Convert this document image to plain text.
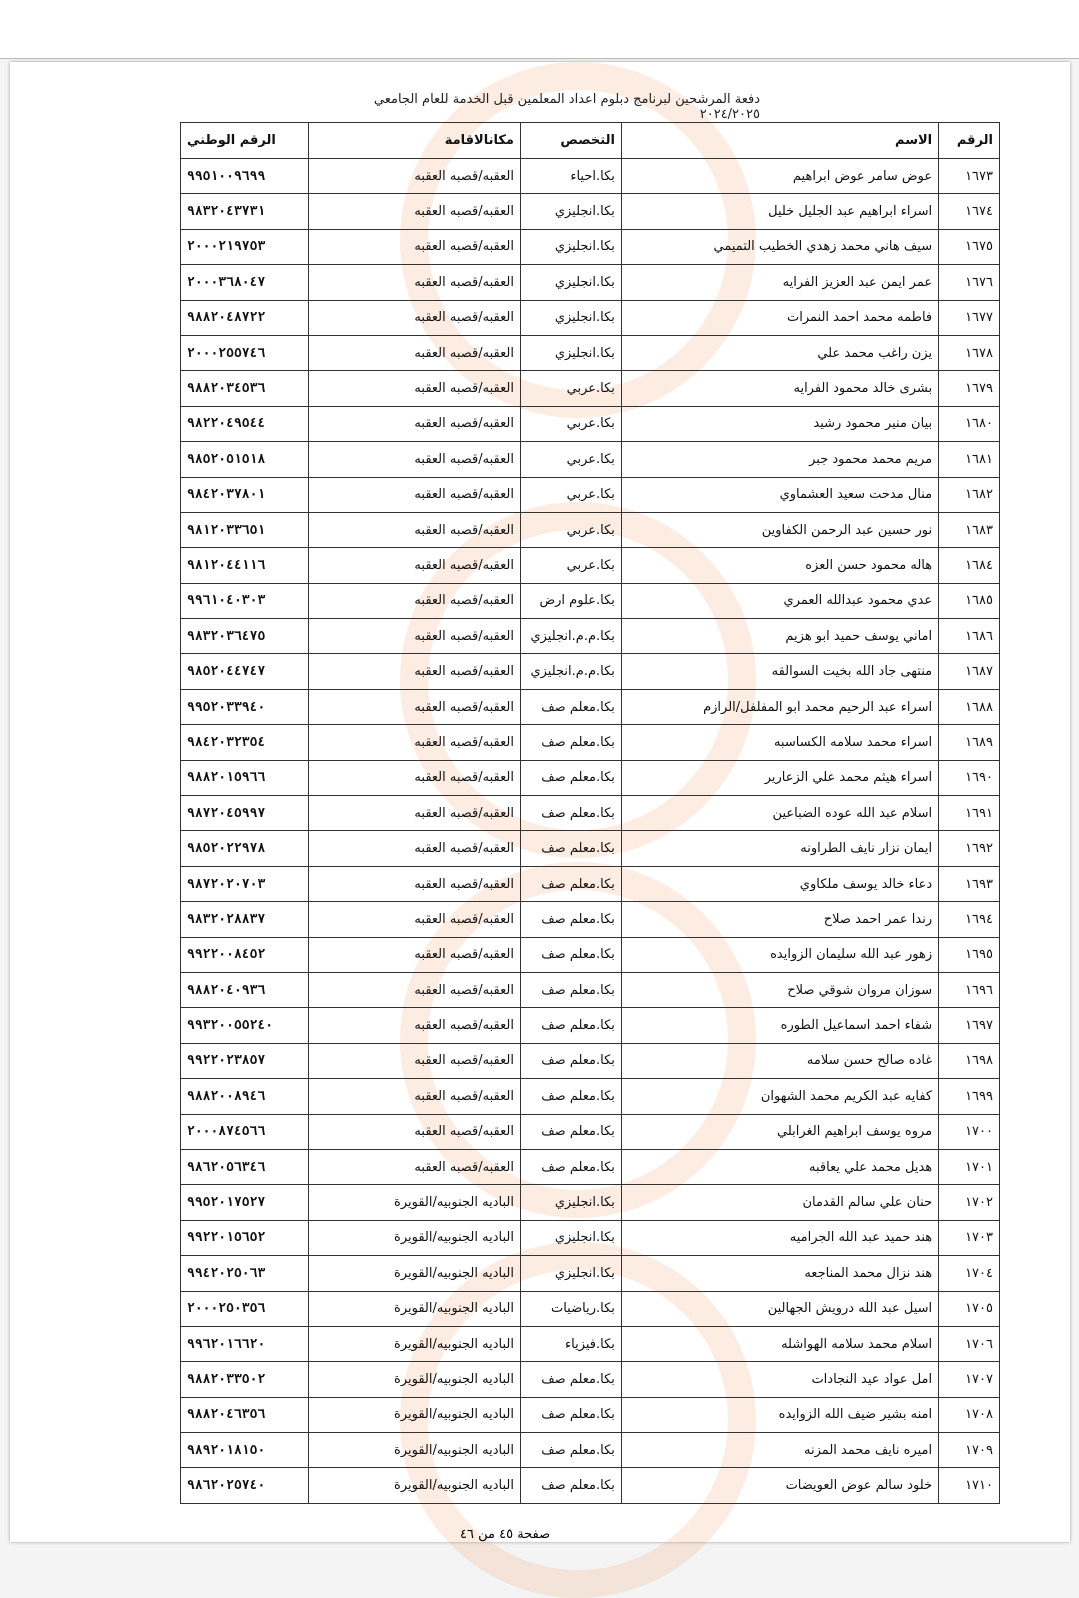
دفعة المرشحين لبرنامج دبلوم اعداد المعلمين قبل الخدمة للعام الجامعي ٢٠٢٤/٢٠٢٥
الرقم	الاسم	التخصص	مكانالاقامة	الرقم الوطني
١٦٧٣	عوض سامر عوض ابراهيم	بكا.احياء	العقبه/قصبه العقبه	٩٩٥١٠٠٩٦٩٩
١٦٧٤	اسراء ابراهيم عبد الجليل خليل	بكا.انجليزي	العقبه/قصبه العقبه	٩٨٣٢٠٤٣٧٣١
١٦٧٥	سيف هاني محمد زهدي الخطيب التميمي	بكا.انجليزي	العقبه/قصبه العقبه	٢٠٠٠٢١٩٧٥٣
١٦٧٦	عمر ايمن عبد العزيز الفرايه	بكا.انجليزي	العقبه/قصبه العقبه	٢٠٠٠٣٦٨٠٤٧
١٦٧٧	فاطمه محمد احمد النمرات	بكا.انجليزي	العقبه/قصبه العقبه	٩٨٨٢٠٤٨٧٢٢
١٦٧٨	يزن راغب محمد علي	بكا.انجليزي	العقبه/قصبه العقبه	٢٠٠٠٢٥٥٧٤٦
١٦٧٩	بشرى خالد محمود الفرايه	بكا.عربي	العقبه/قصبه العقبه	٩٨٨٢٠٣٤٥٣٦
١٦٨٠	بيان منير محمود رشيد	بكا.عربي	العقبه/قصبه العقبه	٩٨٢٢٠٤٩٥٤٤
١٦٨١	مريم محمد محمود جبر	بكا.عربي	العقبه/قصبه العقبه	٩٨٥٢٠٥١٥١٨
١٦٨٢	منال مدحت سعيد العشماوي	بكا.عربي	العقبه/قصبه العقبه	٩٨٤٢٠٣٧٨٠١
١٦٨٣	نور حسين عبد الرحمن الكفاوين	بكا.عربي	العقبه/قصبه العقبه	٩٨١٢٠٣٣٦٥١
١٦٨٤	هاله محمود حسن العزه	بكا.عربي	العقبه/قصبه العقبه	٩٨١٢٠٤٤١١٦
١٦٨٥	عدي محمود عبدالله العمري	بكا.علوم ارض	العقبه/قصبه العقبه	٩٩٦١٠٤٠٣٠٣
١٦٨٦	اماني يوسف حميد ابو هزيم	بكا.م.م.انجليزي	العقبه/قصبه العقبه	٩٨٣٢٠٣٦٤٧٥
١٦٨٧	منتهى جاد الله بخيت السوالقه	بكا.م.م.انجليزي	العقبه/قصبه العقبه	٩٨٥٢٠٤٤٧٤٧
١٦٨٨	اسراء عبد الرحيم محمد ابو المفلفل/الرازم	بكا.معلم صف	العقبه/قصبه العقبه	٩٩٥٢٠٣٣٩٤٠
١٦٨٩	اسراء محمد سلامه الكساسبه	بكا.معلم صف	العقبه/قصبه العقبه	٩٨٤٢٠٣٢٣٥٤
١٦٩٠	اسراء هيثم محمد علي الزعارير	بكا.معلم صف	العقبه/قصبه العقبه	٩٨٨٢٠١٥٩٦٦
١٦٩١	اسلام عبد الله عوده الضباعين	بكا.معلم صف	العقبه/قصبه العقبه	٩٨٧٢٠٤٥٩٩٧
١٦٩٢	ايمان نزار نايف الطراونه	بكا.معلم صف	العقبه/قصبه العقبه	٩٨٥٢٠٢٢٩٧٨
١٦٩٣	دعاء خالد يوسف ملكاوي	بكا.معلم صف	العقبه/قصبه العقبه	٩٨٧٢٠٢٠٧٠٣
١٦٩٤	رندا عمر احمد صلاح	بكا.معلم صف	العقبه/قصبه العقبه	٩٨٣٢٠٢٨٨٣٧
١٦٩٥	زهور عبد الله سليمان الزوايده	بكا.معلم صف	العقبه/قصبه العقبه	٩٩٢٢٠٠٨٤٥٢
١٦٩٦	سوزان مروان شوقي صلاح	بكا.معلم صف	العقبه/قصبه العقبه	٩٨٨٢٠٤٠٩٣٦
١٦٩٧	شفاء احمد اسماعيل الطوره	بكا.معلم صف	العقبه/قصبه العقبه	٩٩٣٢٠٠٥٥٢٤٠
١٦٩٨	غاده صالح حسن سلامه	بكا.معلم صف	العقبه/قصبه العقبه	٩٩٢٢٠٢٣٨٥٧
١٦٩٩	كفايه عبد الكريم محمد الشهوان	بكا.معلم صف	العقبه/قصبه العقبه	٩٨٨٢٠٠٨٩٤٦
١٧٠٠	مروه يوسف ابراهيم الغرابلي	بكا.معلم صف	العقبه/قصبه العقبه	٢٠٠٠٨٧٤٥٦٦
١٧٠١	هديل محمد علي يعاقبه	بكا.معلم صف	العقبه/قصبه العقبه	٩٨٦٢٠٥٦٣٤٦
١٧٠٢	حنان علي سالم القدمان	بكا.انجليزي	الباديه الجنوبيه/القويرة	٩٩٥٢٠١٧٥٢٧
١٧٠٣	هند حميد عبد الله الجراميه	بكا.انجليزي	الباديه الجنوبيه/القويرة	٩٩٢٢٠١٥٦٥٢
١٧٠٤	هند نزال محمد المناجعه	بكا.انجليزي	الباديه الجنوبيه/القويرة	٩٩٤٢٠٢٥٠٦٣
١٧٠٥	اسيل عبد الله درويش الجهالين	بكا.رياضيات	الباديه الجنوبيه/القويرة	٢٠٠٠٢٥٠٣٥٦
١٧٠٦	اسلام محمد سلامه الهواشله	بكا.فيزياء	الباديه الجنوبيه/القويرة	٩٩٦٢٠١٦٦٢٠
١٧٠٧	امل عواد عيد النجادات	بكا.معلم صف	الباديه الجنوبيه/القويرة	٩٨٨٢٠٣٣٥٠٢
١٧٠٨	امنه بشير ضيف الله الزوايده	بكا.معلم صف	الباديه الجنوبيه/القويرة	٩٨٨٢٠٤٦٣٥٦
١٧٠٩	اميره نايف محمد المزنه	بكا.معلم صف	الباديه الجنوبيه/القويرة	٩٨٩٢٠١٨١٥٠
١٧١٠	خلود سالم عوض العويضات	بكا.معلم صف	الباديه الجنوبيه/القويرة	٩٨٦٢٠٢٥٧٤٠
صفحة ٤٥ من ٤٦
